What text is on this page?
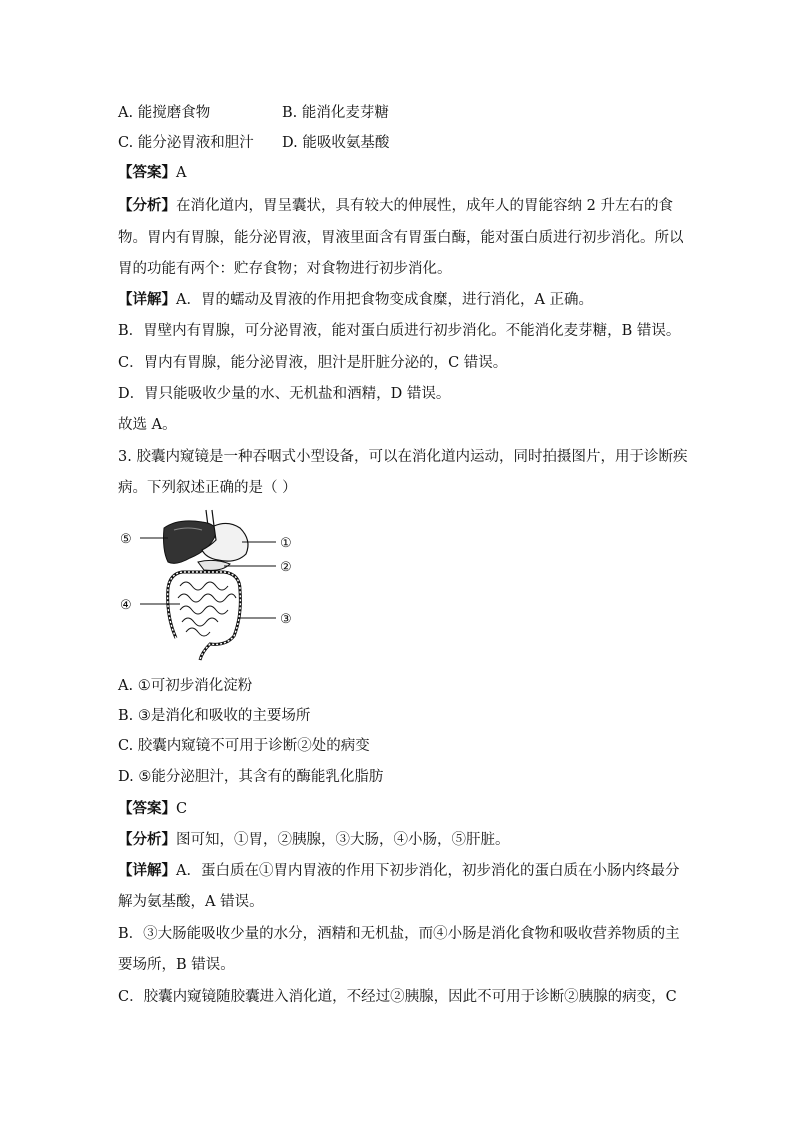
A. 能搅磨食物	B. 能消化麦芽糖
C. 能分泌胃液和胆汁 D. 能吸收氨基酸
【答案】A
【分析】在消化道内，胃呈囊状，具有较大的伸展性，成年人的胃能容纳 2 升左右的食
物。胃内有胃腺，能分泌胃液，胃液里面含有胃蛋白酶，能对蛋白质进行初步消化。所以
胃的功能有两个：贮存食物；对食物进行初步消化。
【详解】A．胃的蠕动及胃液的作用把食物变成食糜，进行消化，A 正确。
B．胃壁内有胃腺，可分泌胃液，能对蛋白质进行初步消化。不能消化麦芽糖，B 错误。
C．胃内有胃腺，能分泌胃液，胆汁是肝脏分泌的，C 错误。
D．胃只能吸收少量的水、无机盐和酒精，D 错误。
故选 A。
3. 胶囊内窥镜是一种吞咽式小型设备，可以在消化道内运动，同时拍摄图片，用于诊断疾
病。下列叙述正确的是（ ）
⑤	①
②
④
③
A. ①可初步消化淀粉
B. ③是消化和吸收的主要场所
C. 胶囊内窥镜不可用于诊断②处的病变
D. ⑤能分泌胆汁，其含有的酶能乳化脂肪
【答案】C
【分析】图可知，①胃，②胰腺，③大肠，④小肠，⑤肝脏。
【详解】A．蛋白质在①胃内胃液的作用下初步消化，初步消化的蛋白质在小肠内终最分
解为氨基酸，A 错误。
B．③大肠能吸收少量的水分，酒精和无机盐，而④小肠是消化食物和吸收营养物质的主
要场所，B 错误。
C．胶囊内窥镜随胶囊进入消化道，不经过②胰腺，因此不可用于诊断②胰腺的病变，C
